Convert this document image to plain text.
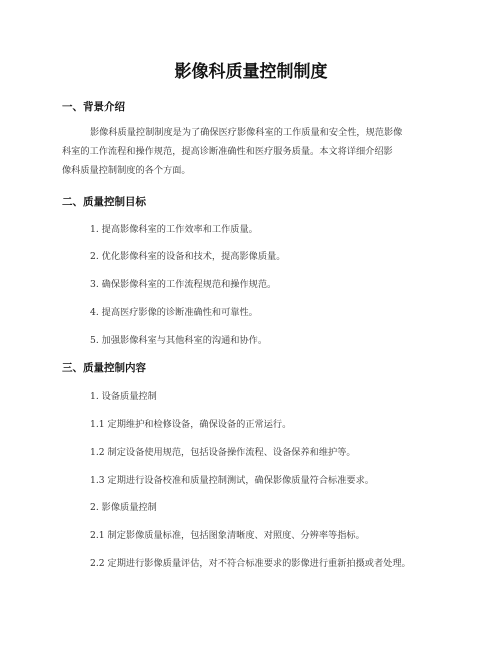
影像科质量控制制度
一、背景介绍
影像科质量控制制度是为了确保医疗影像科室的工作质量和安全性，规范影像
科室的工作流程和操作规范，提高诊断准确性和医疗服务质量。本文将详细介绍影
像科质量控制制度的各个方面。
二、质量控制目标
1. 提高影像科室的工作效率和工作质量。
2. 优化影像科室的设备和技术，提高影像质量。
3. 确保影像科室的工作流程规范和操作规范。
4. 提高医疗影像的诊断准确性和可靠性。
5. 加强影像科室与其他科室的沟通和协作。
三、质量控制内容
1. 设备质量控制
1.1 定期维护和检修设备，确保设备的正常运行。
1.2 制定设备使用规范，包括设备操作流程、设备保养和维护等。
1.3 定期进行设备校准和质量控制测试，确保影像质量符合标准要求。
2. 影像质量控制
2.1 制定影像质量标准，包括图象清晰度、对照度、分辨率等指标。
2.2 定期进行影像质量评估，对不符合标准要求的影像进行重新拍摄或者处理。
